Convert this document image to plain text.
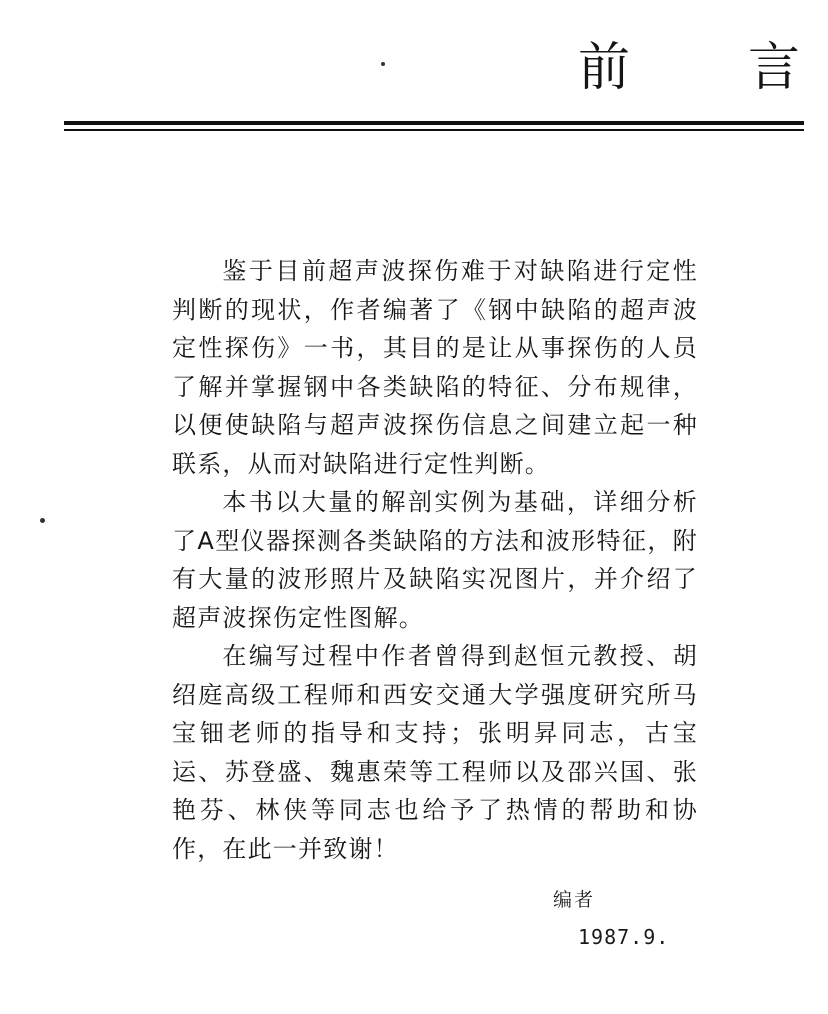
前 言

鉴于目前超声波探伤难于对缺陷进行定性判断的现状，作者编著了《钢中缺陷的超声波定性探伤》一书，其目的是让从事探伤的人员了解并掌握钢中各类缺陷的特征、分布规律，以便使缺陷与超声波探伤信息之间建立起一种联系，从而对缺陷进行定性判断。

本书以大量的解剖实例为基础，详细分析了A型仪器探测各类缺陷的方法和波形特征，附有大量的波形照片及缺陷实况图片，并介绍了超声波探伤定性图解。

在编写过程中作者曾得到赵恒元教授、胡绍庭高级工程师和西安交通大学强度研究所马宝钿老师的指导和支持；张明昇同志，古宝运、苏登盛、魏惠荣等工程师以及邵兴国、张艳芬、林侠等同志也给予了热情的帮助和协作，在此一并致谢！

编者
1987.9.
